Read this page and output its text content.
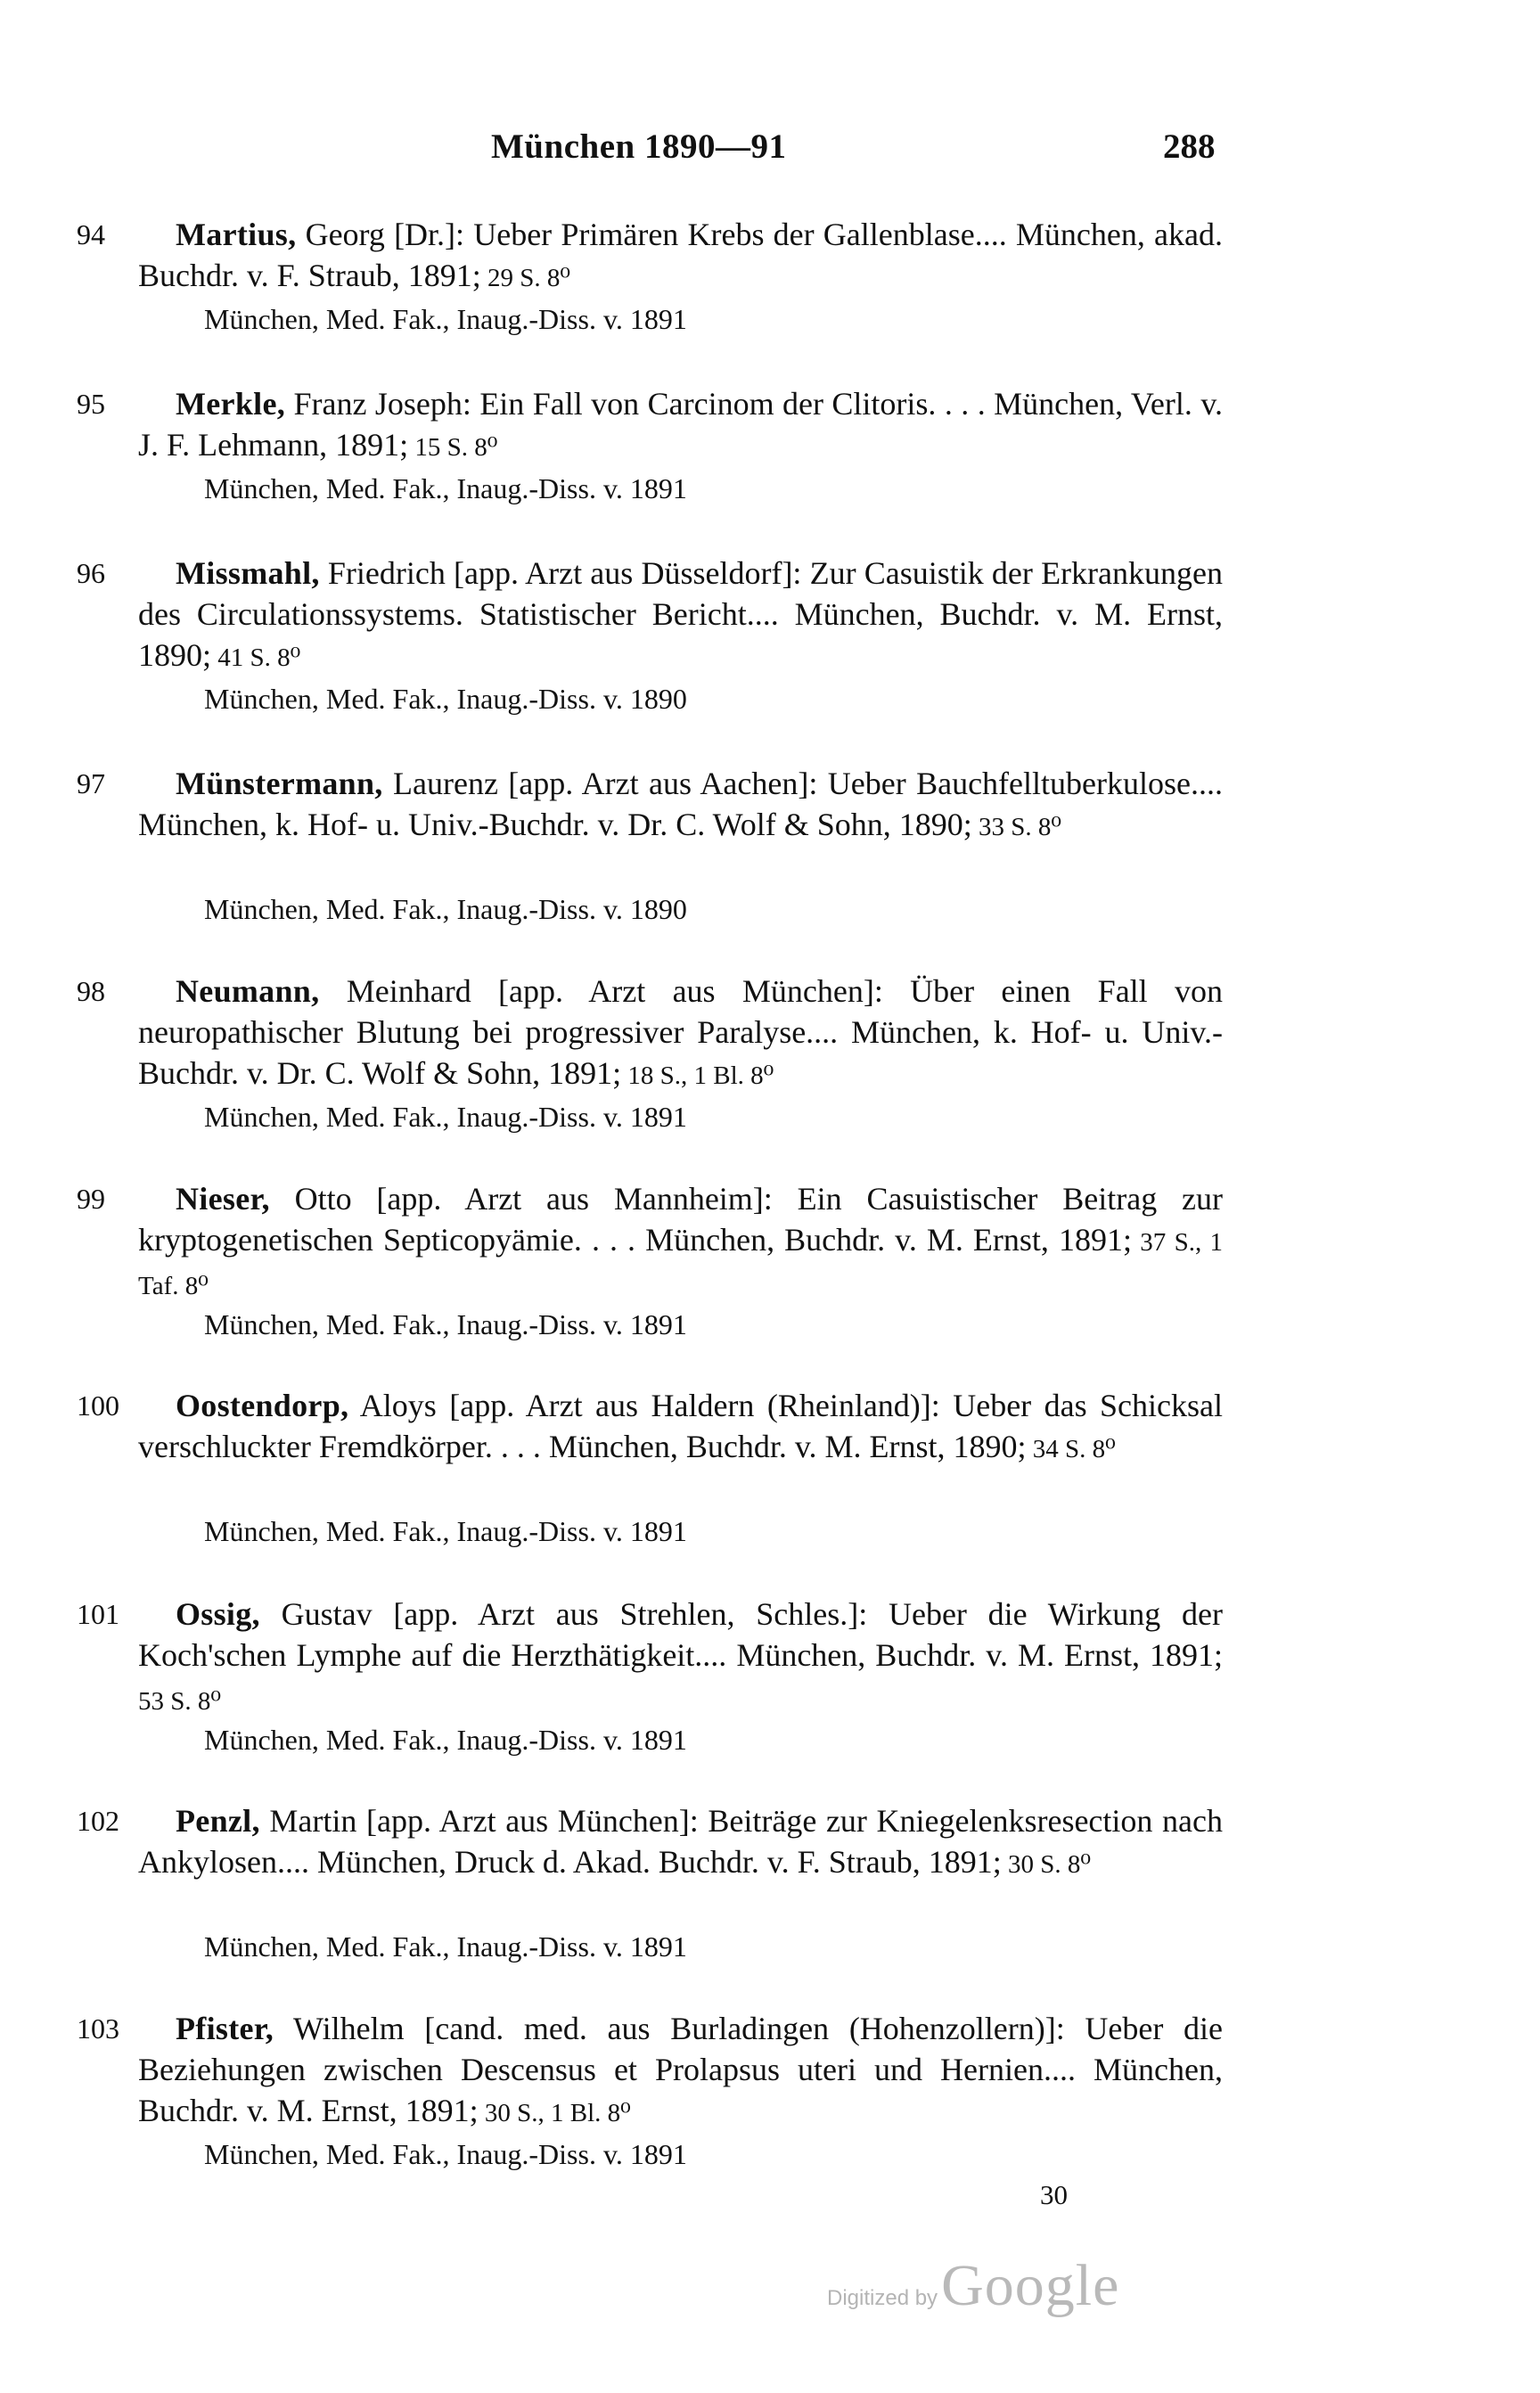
München 1890—91	288
94	Martius, Georg [Dr.]: Ueber Primären Krebs der Gallenblase.... München, akad. Buchdr. v. F. Straub, 1891; 29 S. 8⁰
München, Med. Fak., Inaug.-Diss. v. 1891
95	Merkle, Franz Joseph: Ein Fall von Carcinom der Clitoris. . . . München, Verl. v. J. F. Lehmann, 1891; 15 S. 8⁰
München, Med. Fak., Inaug.-Diss. v. 1891
96	Missmahl, Friedrich [app. Arzt aus Düsseldorf]: Zur Casuistik der Erkrankungen des Circulationssystems. Statistischer Bericht.... München, Buchdr. v. M. Ernst, 1890; 41 S. 8⁰
München, Med. Fak., Inaug.-Diss. v. 1890
97	Münstermann, Laurenz [app. Arzt aus Aachen]: Ueber Bauchfelltuberkulose.... München, k. Hof- u. Univ.-Buchdr. v. Dr. C. Wolf & Sohn, 1890; 33 S. 8⁰
München, Med. Fak., Inaug.-Diss. v. 1890
98	Neumann, Meinhard [app. Arzt aus München]: Über einen Fall von neuropathischer Blutung bei progressiver Paralyse.... München, k. Hof- u. Univ.-Buchdr. v. Dr. C. Wolf & Sohn, 1891; 18 S., 1 Bl. 8⁰
München, Med. Fak., Inaug.-Diss. v. 1891
99	Nieser, Otto [app. Arzt aus Mannheim]: Ein Casuistischer Beitrag zur kryptogenetischen Septicopyämie. . . . München, Buchdr. v. M. Ernst, 1891; 37 S., 1 Taf. 8⁰
München, Med. Fak., Inaug.-Diss. v. 1891
100	Oostendorp, Aloys [app. Arzt aus Haldern (Rheinland)]: Ueber das Schicksal verschluckter Fremdkörper. . . . München, Buchdr. v. M. Ernst, 1890; 34 S. 8⁰
München, Med. Fak., Inaug.-Diss. v. 1891
101	Ossig, Gustav [app. Arzt aus Strehlen, Schles.]: Ueber die Wirkung der Koch'schen Lymphe auf die Herzthätigkeit.... München, Buchdr. v. M. Ernst, 1891; 53 S. 8⁰
München, Med. Fak., Inaug.-Diss. v. 1891
102	Penzl, Martin [app. Arzt aus München]: Beiträge zur Kniegelenksresection nach Ankylosen.... München, Druck d. Akad. Buchdr. v. F. Straub, 1891; 30 S. 8⁰
München, Med. Fak., Inaug.-Diss. v. 1891
103	Pfister, Wilhelm [cand. med. aus Burladingen (Hohenzollern)]: Ueber die Beziehungen zwischen Descensus et Prolapsus uteri und Hernien.... München, Buchdr. v. M. Ernst, 1891; 30 S., 1 Bl. 8⁰
München, Med. Fak., Inaug.-Diss. v. 1891
30
Digitized by Google
